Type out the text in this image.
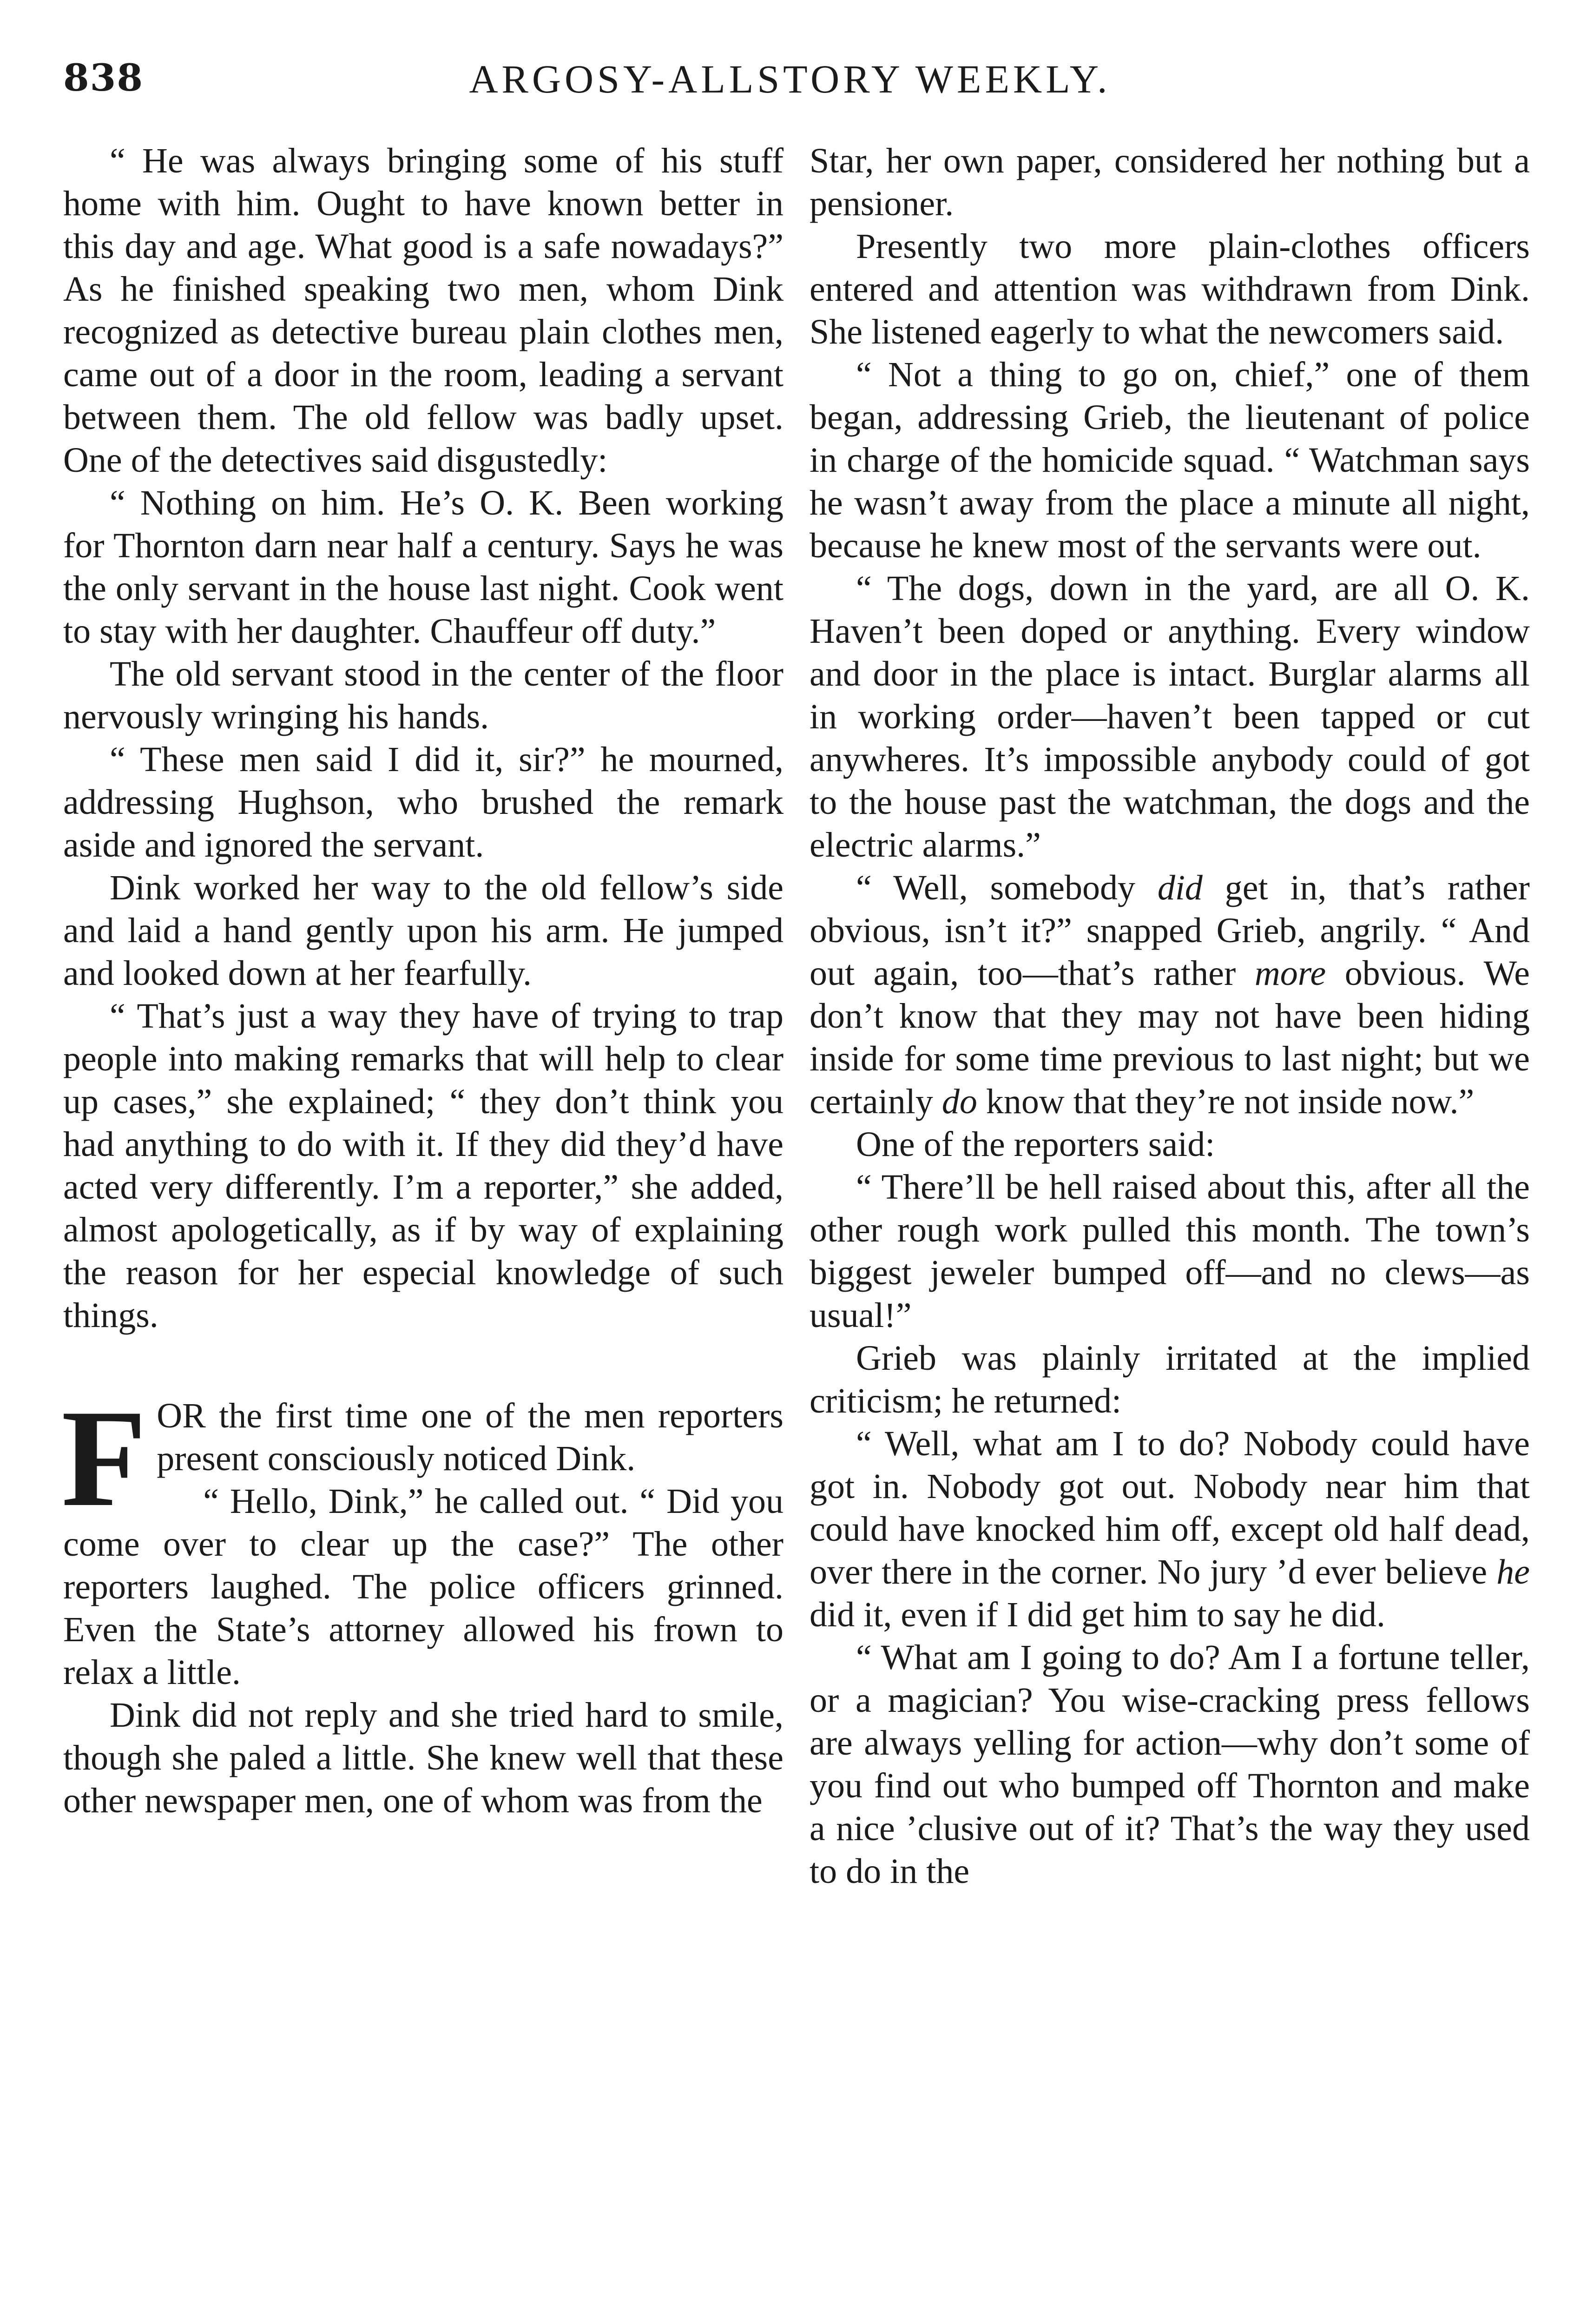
838	ARGOSY-ALLSTORY WEEKLY.

“ He was always bringing some of his stuff home with him. Ought to have known better in this day and age. What good is a safe nowadays?” As he finished speaking two men, whom Dink recognized as detective bureau plain clothes men, came out of a door in the room, leading a servant between them. The old fellow was badly upset. One of the detectives said disgustedly:

“ Nothing on him. He’s O. K. Been working for Thornton darn near half a century. Says he was the only servant in the house last night. Cook went to stay with her daughter. Chauffeur off duty.”

The old servant stood in the center of the floor nervously wringing his hands.

“ These men said I did it, sir?” he mourned, addressing Hughson, who brushed the remark aside and ignored the servant.

Dink worked her way to the old fellow’s side and laid a hand gently upon his arm. He jumped and looked down at her fearfully.

“ That’s just a way they have of trying to trap people into making remarks that will help to clear up cases,” she explained; “ they don’t think you had anything to do with it. If they did they’d have acted very differently. I’m a reporter,” she added, almost apologetically, as if by way of explaining the reason for her especial knowledge of such things.

FOR the first time one of the men reporters present consciously noticed Dink.

“ Hello, Dink,” he called out. “ Did you come over to clear up the case?” The other reporters laughed. The police officers grinned. Even the State’s attorney allowed his frown to relax a little.

Dink did not reply and she tried hard to smile, though she paled a little. She knew well that these other newspaper men, one of whom was from the

Star, her own paper, considered her nothing but a pensioner.

Presently two more plain-clothes officers entered and attention was withdrawn from Dink. She listened eagerly to what the newcomers said.

“ Not a thing to go on, chief,” one of them began, addressing Grieb, the lieutenant of police in charge of the homicide squad. “ Watchman says he wasn’t away from the place a minute all night, because he knew most of the servants were out.

“ The dogs, down in the yard, are all O. K. Haven’t been doped or anything. Every window and door in the place is intact. Burglar alarms all in working order—haven’t been tapped or cut anywheres. It’s impossible anybody could of got to the house past the watchman, the dogs and the electric alarms.”

“ Well, somebody did get in, that’s rather obvious, isn’t it?” snapped Grieb, angrily. “ And out again, too—that’s rather more obvious. We don’t know that they may not have been hiding inside for some time previous to last night; but we certainly do know that they’re not inside now.”

One of the reporters said:

“ There’ll be hell raised about this, after all the other rough work pulled this month. The town’s biggest jeweler bumped off—and no clews—as usual!”

Grieb was plainly irritated at the implied criticism; he returned:

“ Well, what am I to do? Nobody could have got in. Nobody got out. Nobody near him that could have knocked him off, except old half dead, over there in the corner. No jury ’d ever believe he did it, even if I did get him to say he did.

“ What am I going to do? Am I a fortune teller, or a magician? You wise-cracking press fellows are always yelling for action—why don’t some of you find out who bumped off Thornton and make a nice ’clusive out of it? That’s the way they used to do in the
